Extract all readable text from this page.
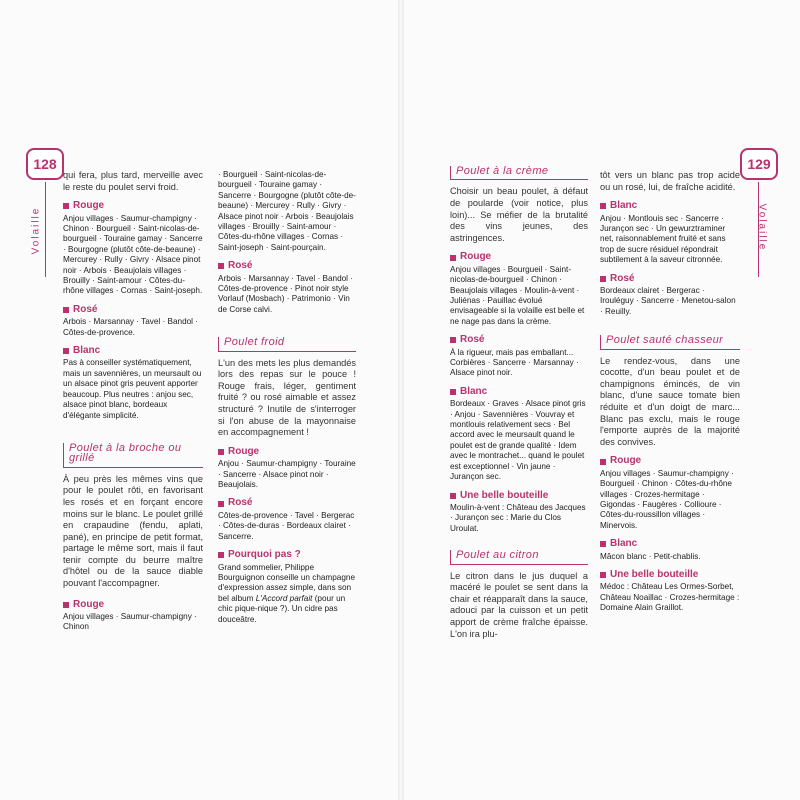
128
Volaille
129
Volaille

qui fera, plus tard, merveille avec le reste du poulet servi froid.

Rouge

Anjou villages · Saumur-champigny · Chinon · Bourgueil · Saint-nicolas-de-bourgueil · Touraine gamay · Sancerre · Bourgogne (plutôt côte-de-beaune) · Mercurey · Rully · Givry · Alsace pinot noir · Arbois · Beaujolais villages · Brouilly · Saint-amour · Côtes-du-rhône villages · Cornas · Saint-joseph.

Rosé

Arbois · Marsannay · Tavel · Bandol · Côtes-de-provence.

Blanc

Pas à conseiller systématiquement, mais un savennières, un meursault ou un alsace pinot gris peuvent apporter beaucoup. Plus neutres : anjou sec, alsace pinot blanc, bordeaux d'élégante simplicité.

Poulet à la broche ou grillé

À peu près les mêmes vins que pour le poulet rôti, en favorisant les rosés et en forçant encore moins sur le blanc. Le poulet grillé en crapaudine (fendu, aplati, pané), en principe de petit format, partage le même sort, mais il faut tenir compte du beurre maître d'hôtel ou de la sauce diable pouvant l'accompagner.

Rouge

Anjou villages · Saumur-champigny · Chinon

· Bourgueil · Saint-nicolas-de-bourgueil · Touraine gamay · Sancerre · Bourgogne (plutôt côte-de-beaune) · Mercurey · Rully · Givry · Alsace pinot noir · Arbois · Beaujolais villages · Brouilly · Saint-amour · Côtes-du-rhône villages · Cornas · Saint-joseph · Saint-pourçain.

Rosé

Arbois · Marsannay · Tavel · Bandol · Côtes-de-provence · Pinot noir style Vorlauf (Mosbach) · Patrimonio · Vin de Corse calvi.

Poulet froid

L'un des mets les plus demandés lors des repas sur le pouce ! Rouge frais, léger, gentiment fruité ? ou rosé aimable et assez structuré ? Inutile de s'interroger si l'on abuse de la mayonnaise en accompagnement !

Rouge

Anjou · Saumur-champigny · Touraine · Sancerre · Alsace pinot noir · Beaujolais.

Rosé

Côtes-de-provence · Tavel · Bergerac · Côtes-de-duras · Bordeaux clairet · Sancerre.

Pourquoi pas ?

Grand sommelier, Philippe Bourguignon conseille un champagne d'expression assez simple, dans son bel album L'Accord parfait (pour un chic pique-nique ?). Un cidre pas douceâtre.

Poulet à la crème

Choisir un beau poulet, à défaut de poularde (voir notice, plus loin)... Se méfier de la brutalité des vins jeunes, des astringences.

Rouge

Anjou villages · Bourgueil · Saint-nicolas-de-bourgueil · Chinon · Beaujolais villages · Moulin-à-vent · Juliénas · Pauillac évolué envisageable si la volaille est belle et ne nage pas dans la crème.

Rosé

À la rigueur, mais pas emballant... Corbières · Sancerre · Marsannay · Alsace pinot noir.

Blanc

Bordeaux · Graves · Alsace pinot gris · Anjou · Savennières · Vouvray et montlouis relativement secs · Bel accord avec le meursault quand le poulet est de grande qualité · Idem avec le montrachet... quand le poulet est exceptionnel · Vin jaune · Jurançon sec.

Une belle bouteille

Moulin-à-vent : Château des Jacques · Jurançon sec : Marie du Clos Uroulat.

Poulet au citron

Le citron dans le jus duquel a macéré le poulet se sent dans la chair et réapparaît dans la sauce, adouci par la cuisson et un petit apport de crème fraîche épaisse. L'on ira plu-

tôt vers un blanc pas trop acide ou un rosé, lui, de fraîche acidité.

Blanc

Anjou · Montlouis sec · Sancerre · Jurançon sec · Un gewurztraminer net, raisonnablement fruité et sans trop de sucre résiduel répondrait subtilement à la saveur citronnée.

Rosé

Bordeaux clairet · Bergerac · Irouléguy · Sancerre · Menetou-salon · Reuilly.

Poulet sauté chasseur

Le rendez-vous, dans une cocotte, d'un beau poulet et de champignons émincés, de vin blanc, d'une sauce tomate bien réduite et d'un doigt de marc... Blanc pas exclu, mais le rouge l'emporte auprès de la majorité des convives.

Rouge

Anjou villages · Saumur-champigny · Bourgueil · Chinon · Côtes-du-rhône villages · Crozes-hermitage · Gigondas · Faugères · Collioure · Côtes-du-roussillon villages · Minervois.

Blanc

Mâcon blanc · Petit-chablis.

Une belle bouteille

Médoc : Château Les Ormes-Sorbet, Château Noaillac · Crozes-hermitage : Domaine Alain Graillot.
